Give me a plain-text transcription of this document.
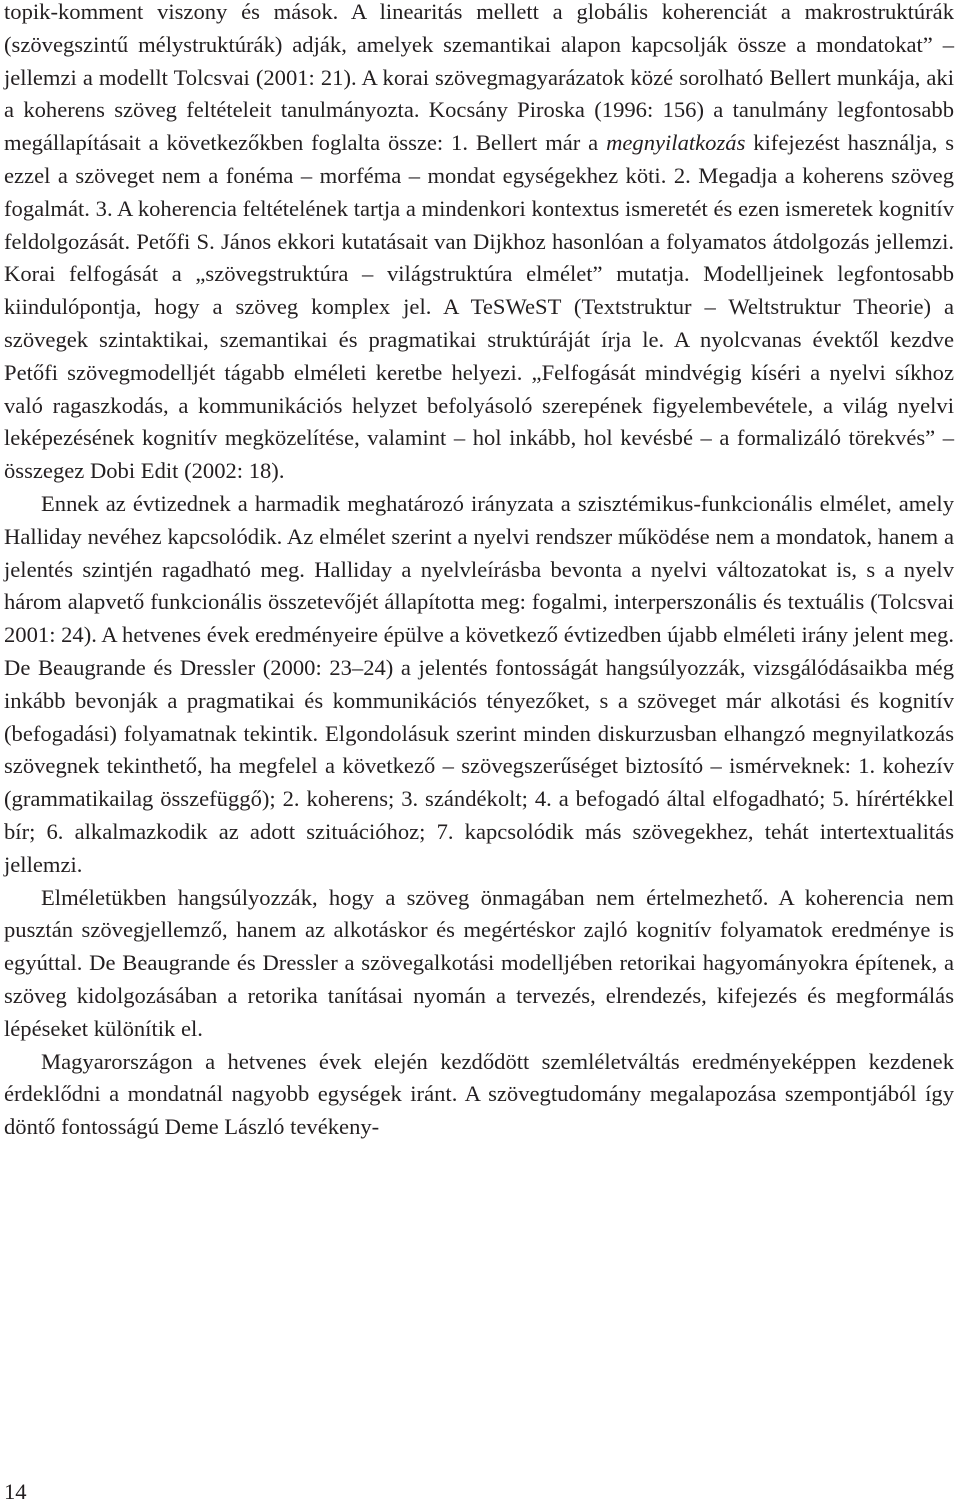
topik-komment viszony és mások. A linearitás mellett a globális koherenciát a makrostruktúrák (szövegszintű mélystruktúrák) adják, amelyek szemantikai alapon kapcsolják össze a mondatokat” – jellemzi a modellt Tolcsvai (2001: 21). A korai szövegmagyarázatok közé sorolható Bellert munkája, aki a koherens szöveg feltételeit tanulmányozta. Kocsány Piroska (1996: 156) a tanulmány legfontosabb megállapításait a következőkben foglalta össze: 1. Bellert már a megnyilatkozás kifejezést használja, s ezzel a szöveget nem a fonéma – morféma – mondat egységekhez köti. 2. Megadja a koherens szöveg fogalmát. 3. A koherencia feltételének tartja a mindenkori kontextus ismeretét és ezen ismeretek kognitív feldolgozását. Petőfi S. János ekkori kutatásait van Dijkhoz hasonlóan a folyamatos átdolgozás jellemzi. Korai felfogását a „szövegstruktúra – világstruktúra elmélet” mutatja. Modelljeinek legfontosabb kiindulópontja, hogy a szöveg komplex jel. A TeSWeST (Textstruktur – Weltstruktur Theorie) a szövegek szintaktikai, szemantikai és pragmatikai struktúráját írja le. A nyolcvanas évektől kezdve Petőfi szövegmodelljét tágabb elméleti keretbe helyezi. „Felfogását mindvégig kíséri a nyelvi síkhoz való ragaszkodás, a kommunikációs helyzet befolyásoló szerepének figyelembevétele, a világ nyelvi leképezésének kognitív megközelítése, valamint – hol inkább, hol kevésbé – a formalizáló törekvés” – összegez Dobi Edit (2002: 18).

Ennek az évtizednek a harmadik meghatározó irányzata a szisztémikus-funkcionális elmélet, amely Halliday nevéhez kapcsolódik. Az elmélet szerint a nyelvi rendszer működése nem a mondatok, hanem a jelentés szintjén ragadható meg. Halliday a nyelvleírásba bevonta a nyelvi változatokat is, s a nyelv három alapvető funkcionális összetevőjét állapította meg: fogalmi, interperszonális és textuális (Tolcsvai 2001: 24). A hetvenes évek eredményeire épülve a következő évtizedben újabb elméleti irány jelent meg. De Beaugrande és Dressler (2000: 23–24) a jelentés fontosságát hangsúlyozzák, vizsgálódásaikba még inkább bevonják a pragmatikai és kommunikációs tényezőket, s a szöveget már alkotási és kognitív (befogadási) folyamatnak tekintik. Elgondolásuk szerint minden diskurzusban elhangzó megnyilatkozás szövegnek tekinthető, ha megfelel a következő – szövegszerűséget biztosító – ismérveknek: 1. kohezív (grammatikailag összefüggő); 2. koherens; 3. szándékolt; 4. a befogadó által elfogadható; 5. hírértékkel bír; 6. alkalmazkodik az adott szituációhoz; 7. kapcsolódik más szövegekhez, tehát intertextualitás jellemzi.

Elméletükben hangsúlyozzák, hogy a szöveg önmagában nem értelmezhető. A koherencia nem pusztán szövegjellemző, hanem az alkotáskor és megértéskor zajló kognitív folyamatok eredménye is egyúttal. De Beaugrande és Dressler a szövegalkotási modelljében retorikai hagyományokra építenek, a szöveg kidolgozásában a retorika tanításai nyomán a tervezés, elrendezés, kifejezés és megformálás lépéseket különítik el.

Magyarországon a hetvenes évek elején kezdődött szemléletváltás eredményeképpen kezdenek érdeklődni a mondatnál nagyobb egységek iránt. A szövegtudomány megalapozása szempontjából így döntő fontosságú Deme László tevékeny-

14
